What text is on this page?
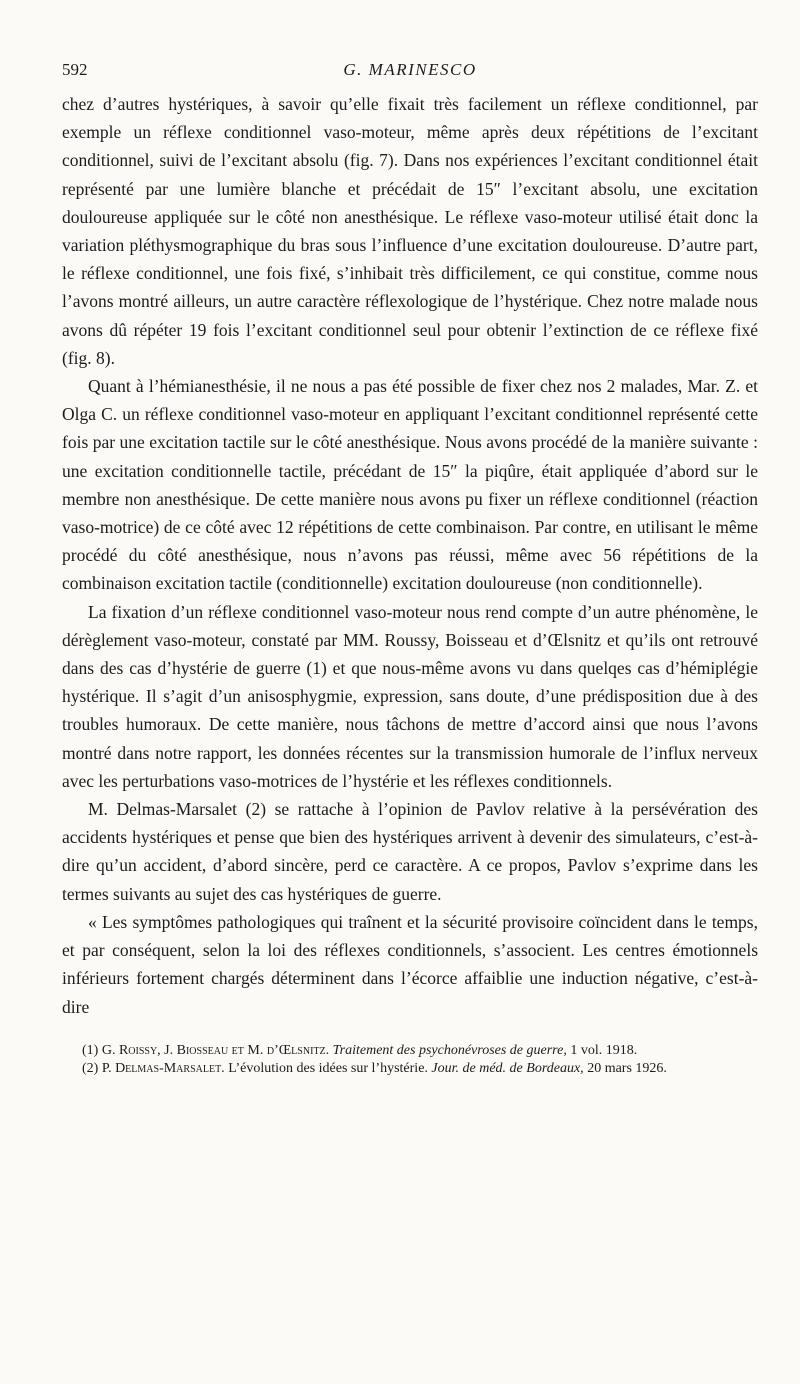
592	G. MARINESCO

chez d’autres hystériques, à savoir qu’elle fixait très facilement un réflexe conditionnel, par exemple un réflexe conditionnel vaso-moteur, même après deux répétitions de l’excitant conditionnel, suivi de l’excitant absolu (fig. 7). Dans nos expériences l’excitant conditionnel était représenté par une lumière blanche et précédait de 15″ l’excitant absolu, une excitation douloureuse appliquée sur le côté non anesthésique. Le réflexe vaso-moteur utilisé était donc la variation pléthysmographique du bras sous l’influence d’une excitation douloureuse. D’autre part, le réflexe conditionnel, une fois fixé, s’inhibait très difficilement, ce qui constitue, comme nous l’avons montré ailleurs, un autre caractère réflexologique de l’hystérique. Chez notre malade nous avons dû répéter 19 fois l’excitant conditionnel seul pour obtenir l’extinction de ce réflexe fixé (fig. 8).

Quant à l’hémianesthésie, il ne nous a pas été possible de fixer chez nos 2 malades, Mar. Z. et Olga C. un réflexe conditionnel vaso-moteur en appliquant l’excitant conditionnel représenté cette fois par une excitation tactile sur le côté anesthésique. Nous avons procédé de la manière suivante : une excitation conditionnelle tactile, précédant de 15″ la piqûre, était appliquée d’abord sur le membre non anesthésique. De cette manière nous avons pu fixer un réflexe conditionnel (réaction vaso-motrice) de ce côté avec 12 répétitions de cette combinaison. Par contre, en utilisant le même procédé du côté anesthésique, nous n’avons pas réussi, même avec 56 répétitions de la combinaison excitation tactile (conditionnelle) excitation douloureuse (non conditionnelle).

La fixation d’un réflexe conditionnel vaso-moteur nous rend compte d’un autre phénomène, le dérèglement vaso-moteur, constaté par MM. Roussy, Boisseau et d’Œlsnitz et qu’ils ont retrouvé dans des cas d’hystérie de guerre (1) et que nous-même avons vu dans quelqes cas d’hémiplégie hystérique. Il s’agit d’un anisosphygmie, expression, sans doute, d’une prédisposition due à des troubles humoraux. De cette manière, nous tâchons de mettre d’accord ainsi que nous l’avons montré dans notre rapport, les données récentes sur la transmission humorale de l’influx nerveux avec les perturbations vaso-motrices de l’hystérie et les réflexes conditionnels.

M. Delmas-Marsalet (2) se rattache à l’opinion de Pavlov relative à la persévération des accidents hystériques et pense que bien des hystériques arrivent à devenir des simulateurs, c’est-à-dire qu’un accident, d’abord sincère, perd ce caractère. A ce propos, Pavlov s’exprime dans les termes suivants au sujet des cas hystériques de guerre.

« Les symptômes pathologiques qui traînent et la sécurité provisoire coïncident dans le temps, et par conséquent, selon la loi des réflexes conditionnels, s’associent. Les centres émotionnels inférieurs fortement chargés déterminent dans l’écorce affaiblie une induction négative, c’est-à-dire

(1) G. Roissy, J. Biosseau et M. d’Œlsnitz. Traitement des psychonévroses de guerre, 1 vol. 1918.

(2) P. Delmas-Marsalet. L’évolution des idées sur l’hystérie. Jour. de méd. de Bordeaux, 20 mars 1926.
